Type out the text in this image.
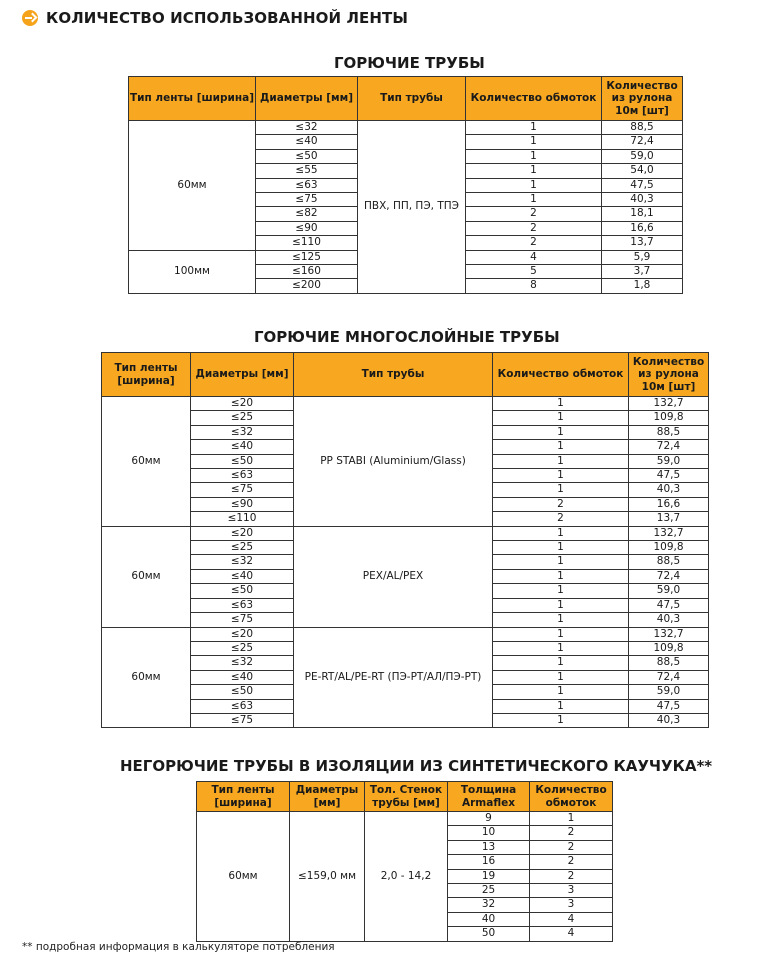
КОЛИЧЕСТВО ИСПОЛЬЗОВАННОЙ ЛЕНТЫ
ГОРЮЧИЕ ТРУБЫ
Тип ленты [ширина]	Диаметры [мм]	Тип трубы	Количество обмоток	Количество из рулона 10м [шт]
60мм	≤32	ПВХ, ПП, ПЭ, ТПЭ	1	88,5
	≤40		1	72,4
	≤50		1	59,0
	≤55		1	54,0
	≤63		1	47,5
	≤75		1	40,3
	≤82		2	18,1
	≤90		2	16,6
	≤110		2	13,7
100мм	≤125		4	5,9
	≤160		5	3,7
	≤200		8	1,8
ГОРЮЧИЕ МНОГОСЛОЙНЫЕ ТРУБЫ
Тип ленты [ширина]	Диаметры [мм]	Тип трубы	Количество обмоток	Количество из рулона 10м [шт]
60мм	≤20	PP STABI (Aluminium/Glass)	1	132,7
	≤25		1	109,8
	≤32		1	88,5
	≤40		1	72,4
	≤50		1	59,0
	≤63		1	47,5
	≤75		1	40,3
	≤90		2	16,6
	≤110		2	13,7
60мм	≤20	PEX/AL/PEX	1	132,7
	≤25		1	109,8
	≤32		1	88,5
	≤40		1	72,4
	≤50		1	59,0
	≤63		1	47,5
	≤75		1	40,3
60мм	≤20	PE-RT/AL/PE-RT (ПЭ-РТ/АЛ/ПЭ-РТ)	1	132,7
	≤25		1	109,8
	≤32		1	88,5
	≤40		1	72,4
	≤50		1	59,0
	≤63		1	47,5
	≤75		1	40,3
НЕГОРЮЧИЕ ТРУБЫ В ИЗОЛЯЦИИ ИЗ СИНТЕТИЧЕСКОГО КАУЧУКА**
Тип ленты [ширина]	Диаметры [мм]	Тол. Стенок трубы [мм]	Толщина Armaflex	Количество обмоток
60мм	≤159,0 мм	2,0 - 14,2	9	1
			10	2
			13	2
			16	2
			19	2
			25	3
			32	3
			40	4
			50	4
** подробная информация в калькуляторе потребления
